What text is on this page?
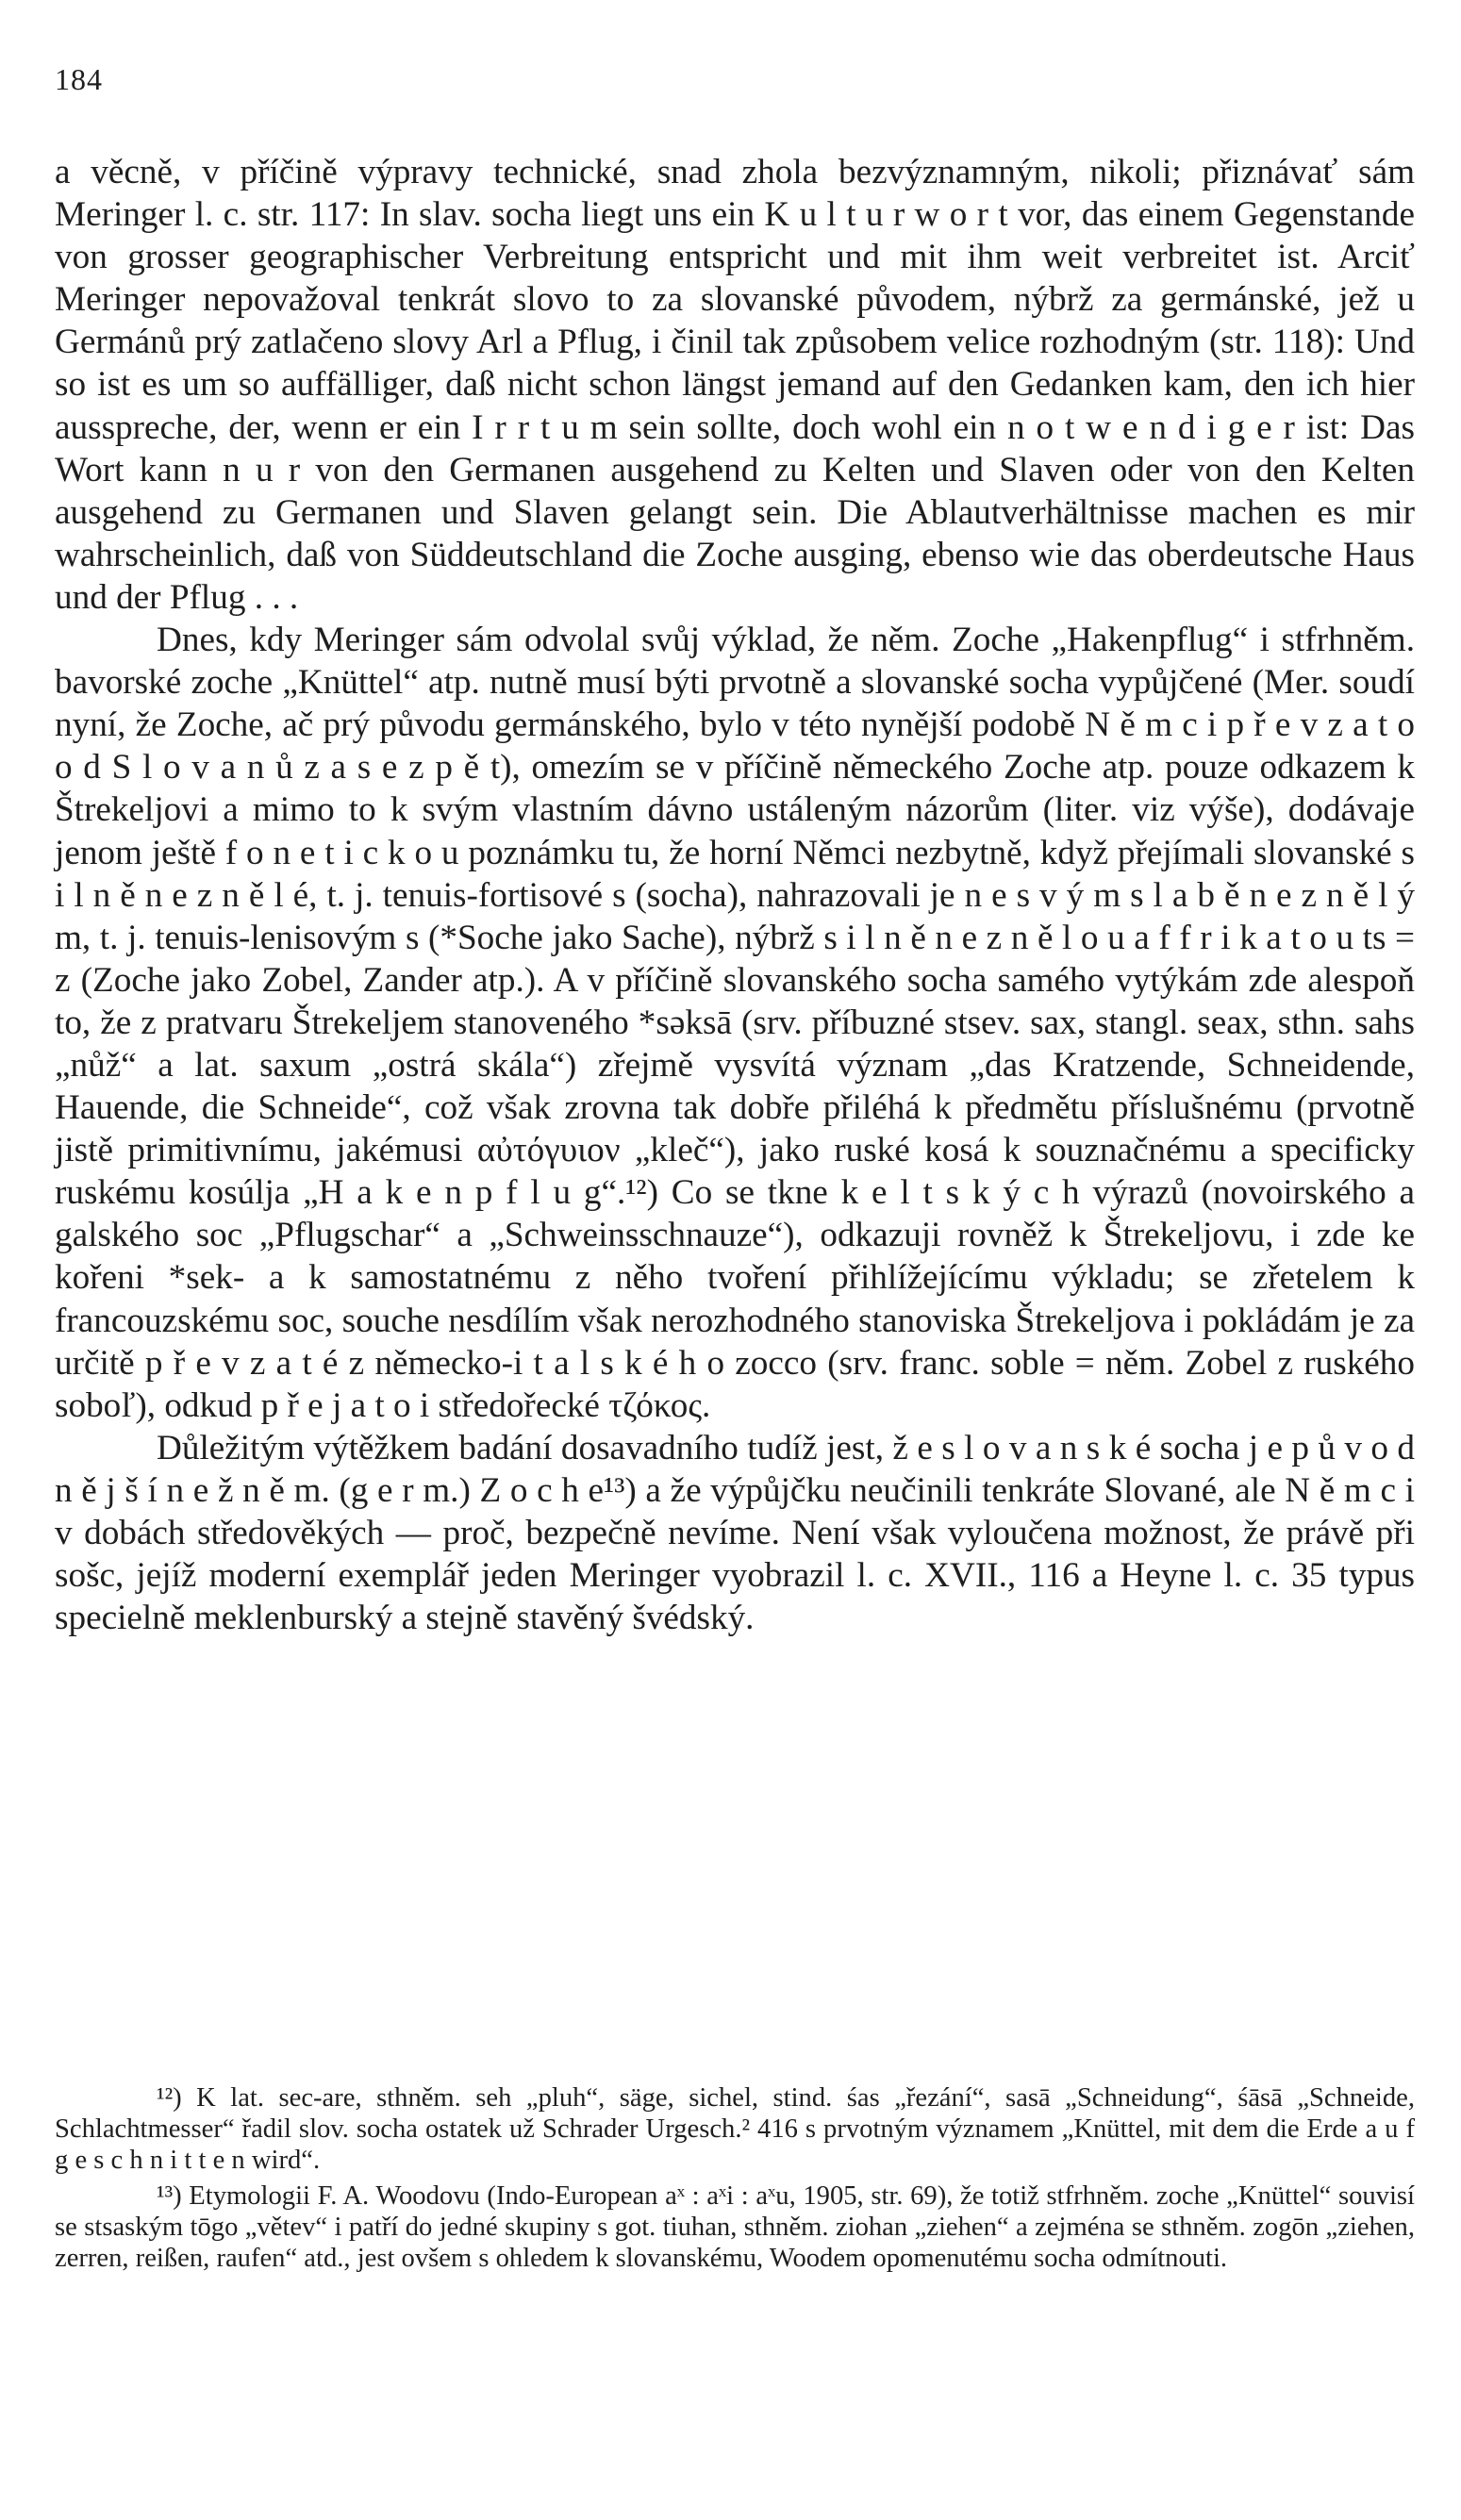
184

a věcně, v příčině výpravy technické, snad zhola bezvýznamným, nikoli; přiznávať sám Meringer l. c. str. 117: In slav. socha liegt uns ein K u l t u r w o r t vor, das einem Gegenstande von grosser geographischer Verbreitung entspricht und mit ihm weit verbreitet ist. Arciť Meringer nepovažoval tenkrát slovo to za slovanské původem, nýbrž za germánské, jež u Germánů prý zatlačeno slovy Arl a Pflug, i činil tak způsobem velice rozhodným (str. 118): Und so ist es um so auffälliger, daß nicht schon längst jemand auf den Gedanken kam, den ich hier ausspreche, der, wenn er ein I r r t u m sein sollte, doch wohl ein n o t w e n d i g e r ist: Das Wort kann n u r von den Germanen ausgehend zu Kelten und Slaven oder von den Kelten ausgehend zu Germanen und Slaven gelangt sein. Die Ablautverhältnisse machen es mir wahrscheinlich, daß von Süddeutschland die Zoche ausging, ebenso wie das oberdeutsche Haus und der Pflug . . .

Dnes, kdy Meringer sám odvolal svůj výklad, že něm. Zoche „Hakenpflug“ i stfrhněm. bavorské zoche „Knüttel“ atp. nutně musí býti prvotně a slovanské socha vypůjčené (Mer. soudí nyní, že Zoche, ač prý původu germánského, bylo v této nynější podobě N ě m c i p ř e v z a t o o d S l o v a n ů z a s e z p ě t), omezím se v příčině německého Zoche atp. pouze odkazem k Štrekeljovi a mimo to k svým vlastním dávno ustáleným názorům (liter. viz výše), dodávaje jenom ještě f o n e t i c k o u poznámku tu, že horní Němci nezbytně, když přejímali slovanské s i l n ě n e z n ě l é, t. j. tenuis-fortisové s (socha), nahrazovali je n e s v ý m s l a b ě n e z n ě l ý m, t. j. tenuis-lenisovým s (*Soche jako Sache), nýbrž s i l n ě n e z n ě l o u a f f r i k a t o u ts = z (Zoche jako Zobel, Zander atp.). A v příčině slovanského socha samého vytýkám zde alespoň to, že z pratvaru Štrekeljem stanoveného *səksā (srv. příbuzné stsev. sax, stangl. seax, sthn. sahs „nůž“ a lat. saxum „ostrá skála“) zřejmě vysvítá význam „das Kratzende, Schneidende, Hauende, die Schneide“, což však zrovna tak dobře přiléhá k předmětu příslušnému (prvotně jistě primitivnímu, jakémusi αὐτόγυιον „kleč“), jako ruské kosá k souznačnému a specificky ruskému kosúlja „H a k e n p f l u g“.¹²) Co se tkne k e l t s k ý c h výrazů (novoirského a galského soc „Pflugschar“ a „Schweinsschnauze“), odkazuji rovněž k Štrekeljovu, i zde ke kořeni *sek- a k samostatnému z něho tvoření přihlížejícímu výkladu; se zřetelem k francouzskému soc, souche nesdílím však nerozhodného stanoviska Štrekeljova i pokládám je za určitě p ř e v z a t é z německo-i t a l s k é h o zocco (srv. franc. soble = něm. Zobel z ruského soboľ), odkud p ř e j a t o i středořecké τζόκος.

Důležitým výtěžkem badání dosavadního tudíž jest, ž e s l o v a n s k é socha j e p ů v o d n ě j š í n e ž n ě m. (g e r m.) Z o c h e¹³) a že výpůjčku neučinili tenkráte Slované, ale N ě m c i v dobách středověkých — proč, bezpečně nevíme. Není však vyloučena možnost, že právě při sošc, jejíž moderní exemplář jeden Meringer vyobrazil l. c. XVII., 116 a Heyne l. c. 35 typus specielně meklenburský a stejně stavěný švédský.

¹²) K lat. sec-are, sthněm. seh „pluh“, säge, sichel, stind. śas „řezání“, sasā „Schneidung“, śāsā „Schneide, Schlachtmesser“ řadil slov. socha ostatek už Schrader Urgesch.² 416 s prvotným významem „Knüttel, mit dem die Erde a u f g e s c h n i t t e n wird“.

¹³) Etymologii F. A. Woodovu (Indo-European aˣ : aˣi : aˣu, 1905, str. 69), že totiž stfrhněm. zoche „Knüttel“ souvisí se stsaským tōgo „větev“ i patří do jedné skupiny s got. tiuhan, sthněm. ziohan „ziehen“ a zejména se sthněm. zogōn „ziehen, zerren, reißen, raufen“ atd., jest ovšem s ohledem k slovanskému, Woodem opomenutému socha odmítnouti.
